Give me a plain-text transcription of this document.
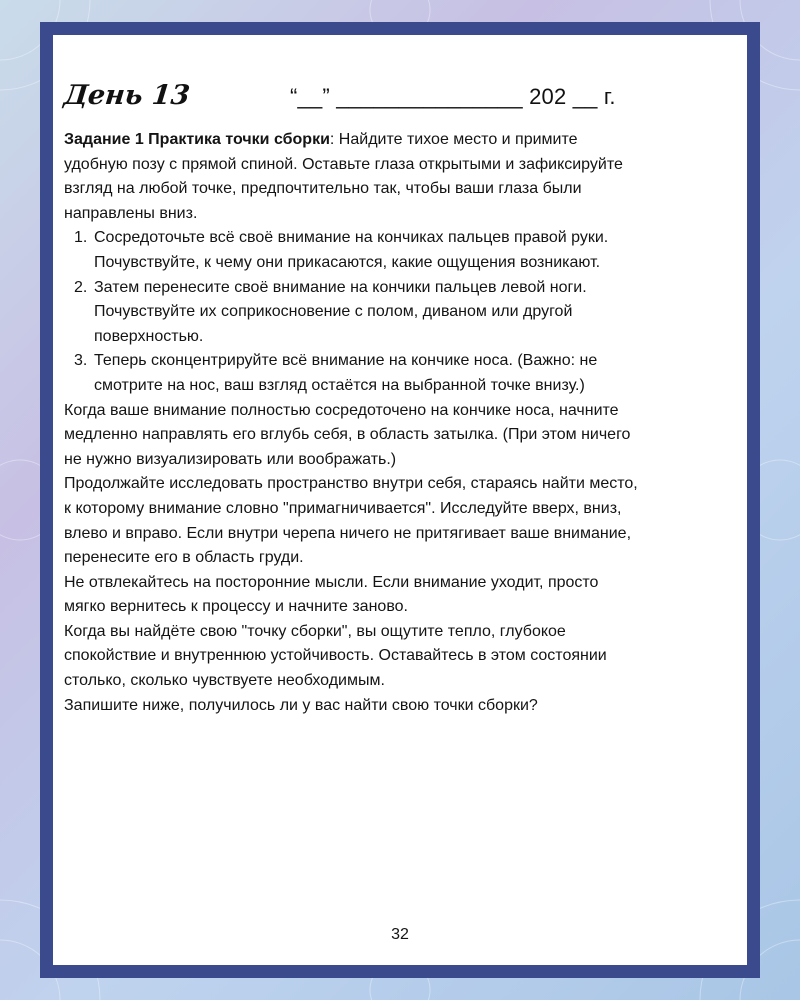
День 13	“__” _______________ 202 __ г.

Задание 1 Практика точки сборки: Найдите тихое место и примите удобную позу с прямой спиной. Оставьте глаза открытыми и зафиксируйте взгляд на любой точке, предпочтительно так, чтобы ваши глаза были направлены вниз.

1. Сосредоточьте всё своё внимание на кончиках пальцев правой руки. Почувствуйте, к чему они прикасаются, какие ощущения возникают.
2. Затем перенесите своё внимание на кончики пальцев левой ноги. Почувствуйте их соприкосновение с полом, диваном или другой поверхностью.
3. Теперь сконцентрируйте всё внимание на кончике носа. (Важно: не смотрите на нос, ваш взгляд остаётся на выбранной точке внизу.)

Когда ваше внимание полностью сосредоточено на кончике носа, начните медленно направлять его вглубь себя, в область затылка. (При этом ничего не нужно визуализировать или воображать.)

Продолжайте исследовать пространство внутри себя, стараясь найти место, к которому внимание словно "примагничивается". Исследуйте вверх, вниз, влево и вправо. Если внутри черепа ничего не притягивает ваше внимание, перенесите его в область груди.

Не отвлекайтесь на посторонние мысли. Если внимание уходит, просто мягко вернитесь к процессу и начните заново.

Когда вы найдёте свою "точку сборки", вы ощутите тепло, глубокое спокойствие и внутреннюю устойчивость. Оставайтесь в этом состоянии столько, сколько чувствуете необходимым.

Запишите ниже, получилось ли у вас найти свою точки сборки?

32
